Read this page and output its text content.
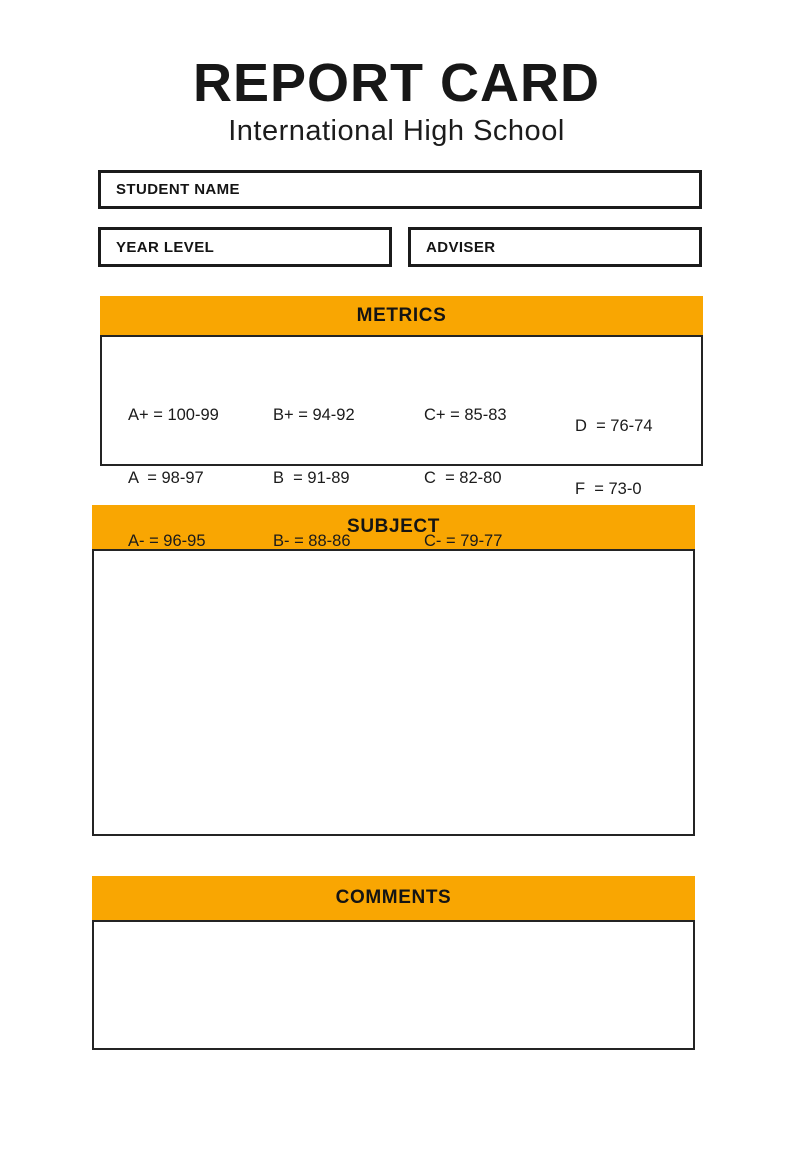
REPORT CARD
International High School
STUDENT NAME
YEAR LEVEL	ADVISER
METRICS

A+ = 100-99

A  = 98-97

A- = 96-95

B+ = 94-92

B  = 91-89

B- = 88-86

C+ = 85-83

C  = 82-80

C- = 79-77

D  = 76-74

F  = 73-0

SUBJECT
COMMENTS
